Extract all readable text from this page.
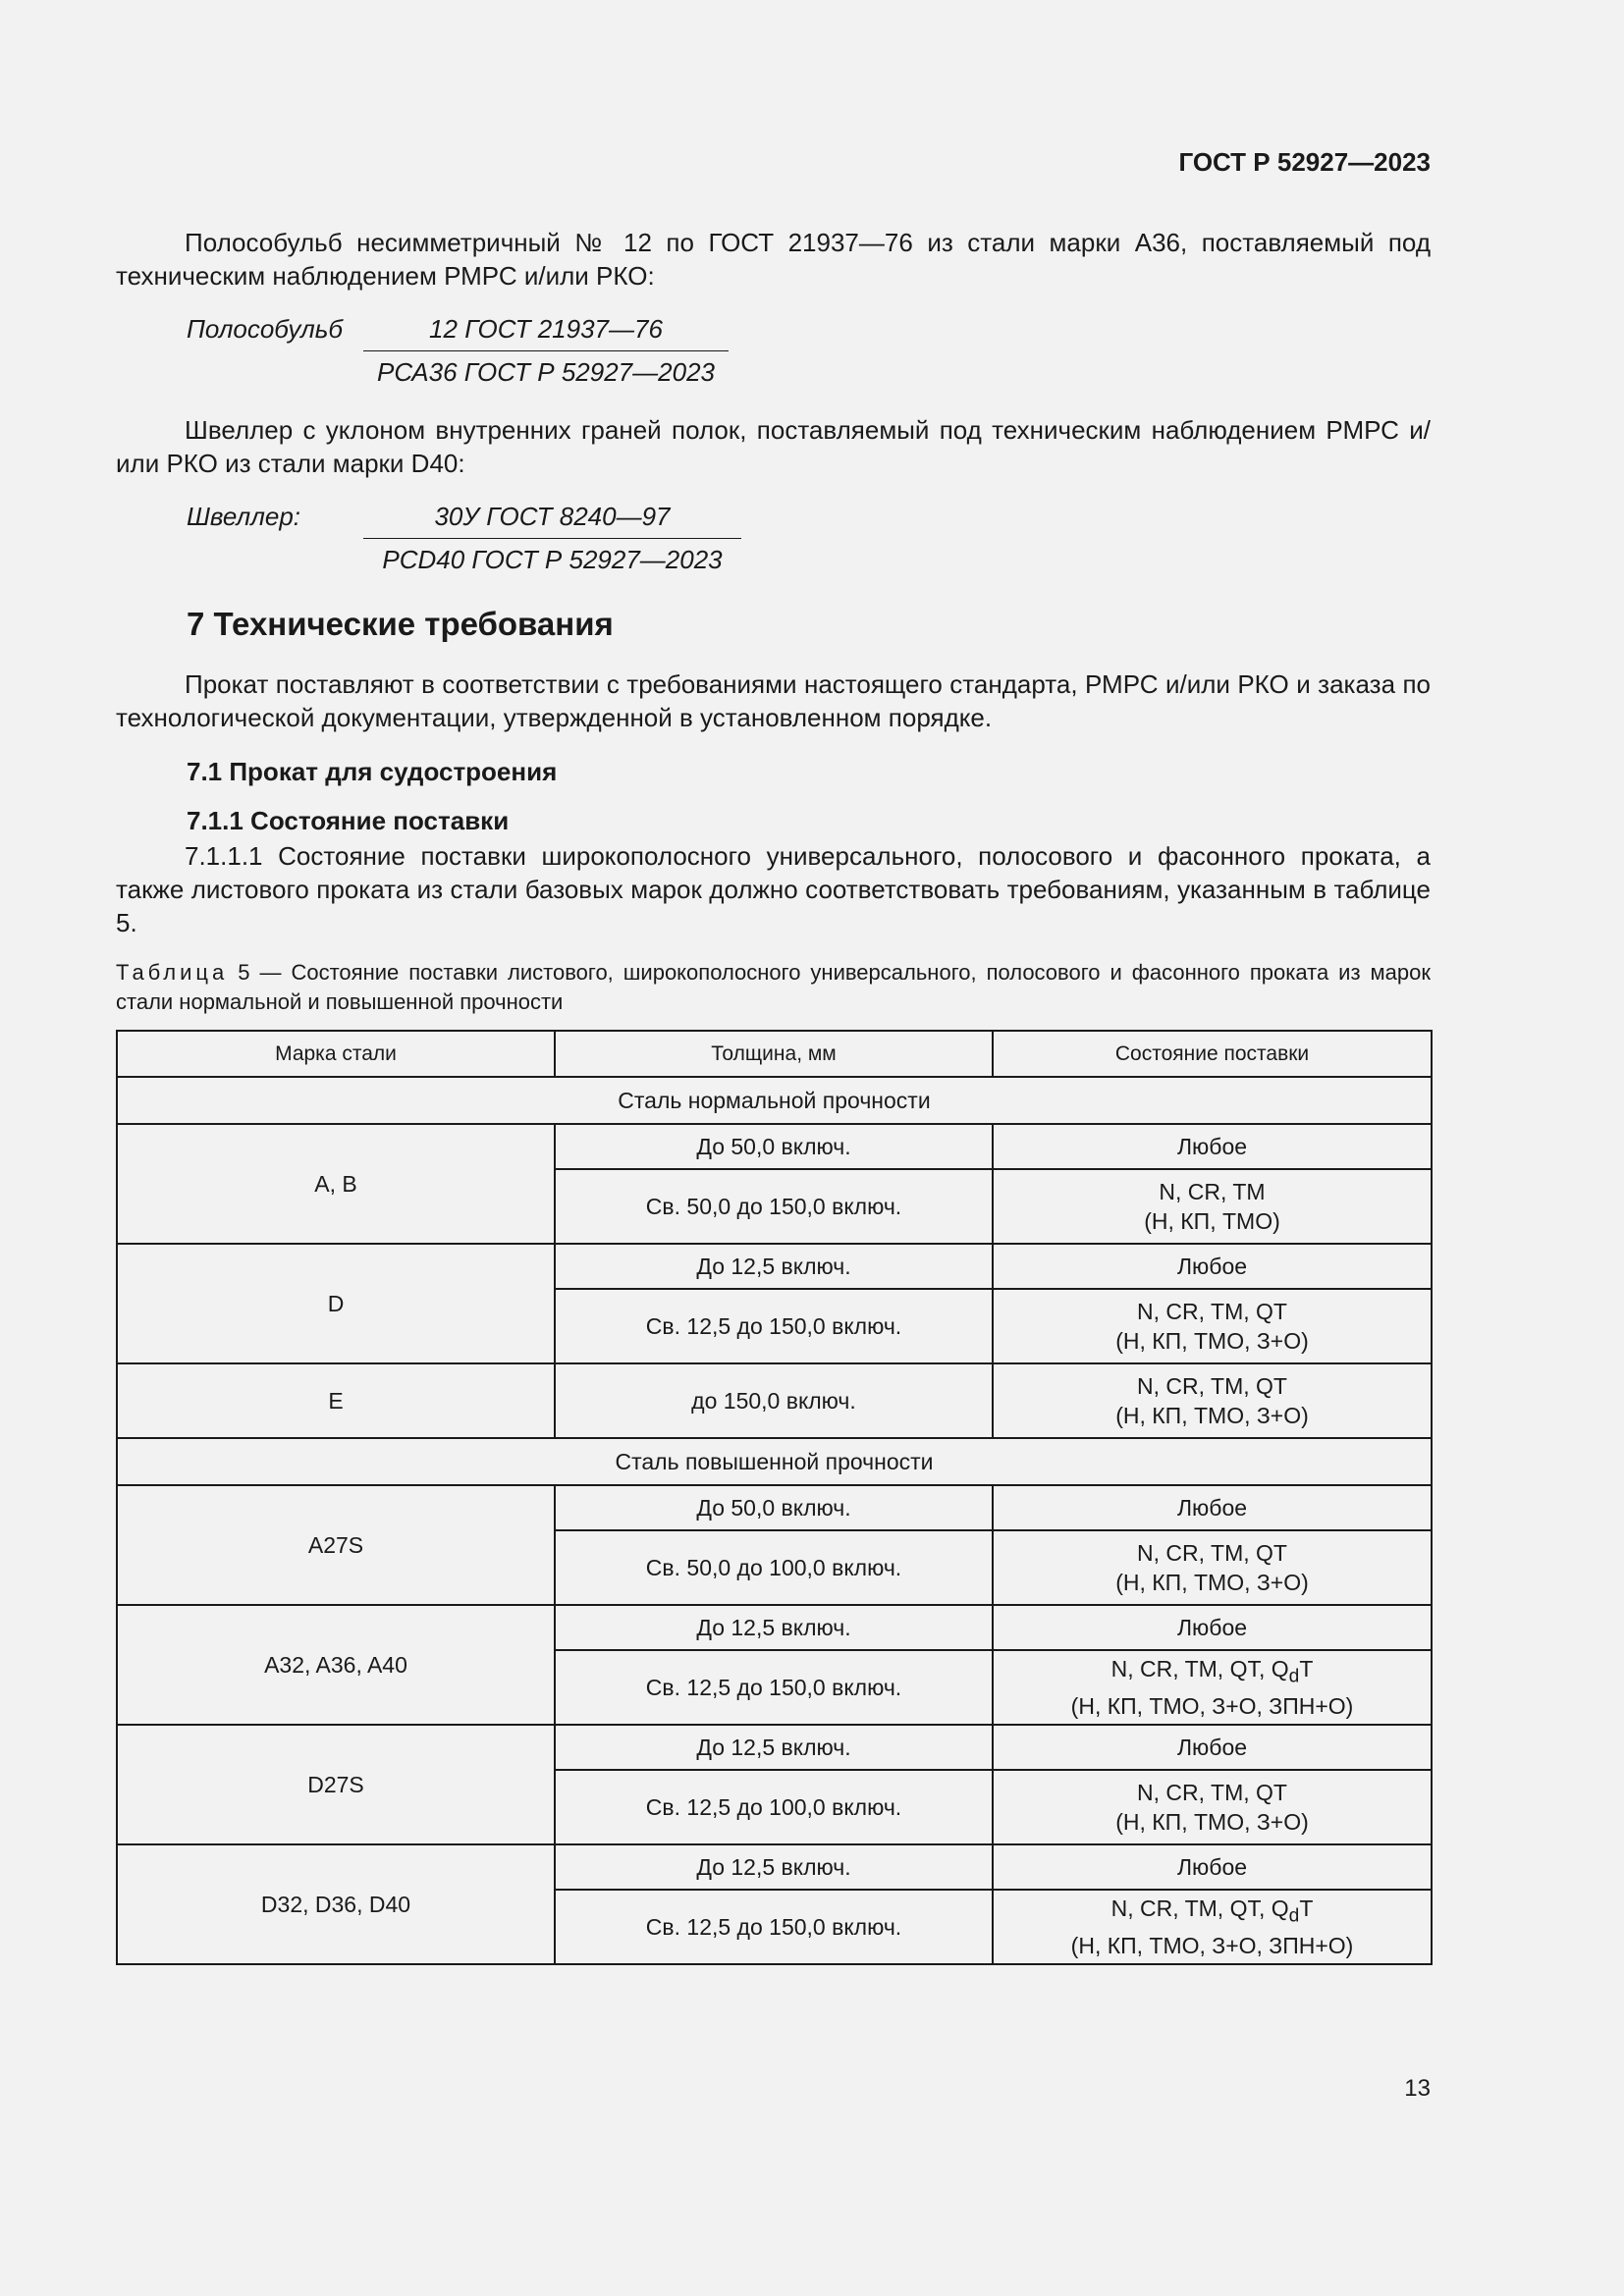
ГОСТ Р 52927—2023
Полособульб несимметричный № 12 по ГОСТ 21937—76 из стали марки А36, поставляемый под техническим наблюдением РМРС и/или РКО:
Полособульб	12 ГОСТ 21937—76
РСА36 ГОСТ Р 52927—2023
Швеллер с уклоном внутренних граней полок, поставляемый под техническим наблюдением РМРС и/или РКО из стали марки D40:
Швеллер:	30У ГОСТ 8240—97
РСD40 ГОСТ Р 52927—2023
7 Технические требования
Прокат поставляют в соответствии с требованиями настоящего стандарта, РМРС и/или РКО и заказа по технологической документации, утвержденной в установленном порядке.
7.1 Прокат для судостроения
7.1.1 Состояние поставки
7.1.1.1 Состояние поставки широкополосного универсального, полосового и фасонного проката, а также листового проката из стали базовых марок должно соответствовать требованиям, указанным в таблице 5.
Таблица 5 — Состояние поставки листового, широкополосного универсального, полосового и фасонного проката из марок стали нормальной и повышенной прочности
Марка стали	Толщина, мм	Состояние поставки
Сталь нормальной прочности		
A, B	До 50,0 включ.	Любое
	Св. 50,0 до 150,0 включ.	N, CR, TM
(Н, КП, ТМО)
D	До 12,5 включ.	Любое
	Св. 12,5 до 150,0 включ.	N, CR, TM, QT
(Н, КП, ТМО, З+О)
E	до 150,0 включ.	N, CR, TM, QT
(Н, КП, ТМО, З+О)
Сталь повышенной прочности		
A27S	До 50,0 включ.	Любое
	Св. 50,0 до 100,0 включ.	N, CR, TM, QT
(Н, КП, ТМО, З+О)
A32, A36, A40	До 12,5 включ.	Любое
	Св. 12,5 до 150,0 включ.	N, CR, TM, QT, $Q_dT$
(Н, КП, ТМО, З+О, ЗПН+О)
D27S	До 12,5 включ.	Любое
	Св. 12,5 до 100,0 включ.	N, CR, TM, QT
(Н, КП, ТМО, З+О)
D32, D36, D40	До 12,5 включ.	Любое
	Св. 12,5 до 150,0 включ.	N, CR, TM, QT, $Q_dT$
(Н, КП, ТМО, З+О, ЗПН+О)
13
